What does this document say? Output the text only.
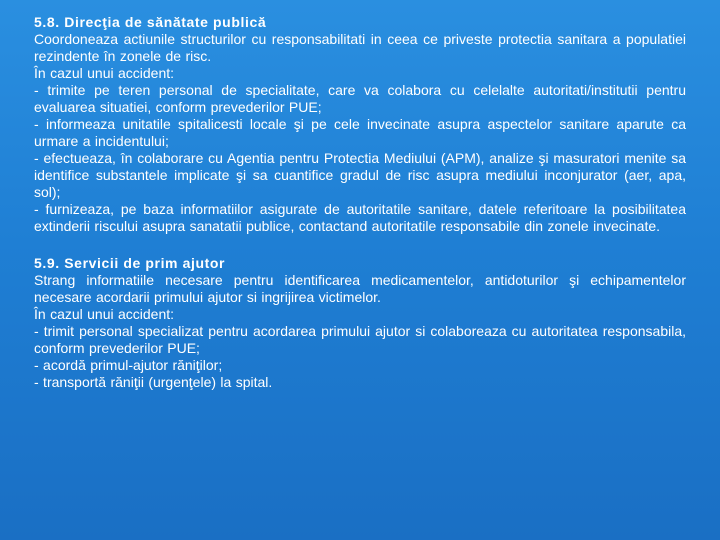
5.8. Direcţia de sănătate publică

Coordoneaza actiunile structurilor cu responsabilitati in ceea ce priveste protectia sanitara a populatiei rezindente în zonele de risc.

În cazul unui accident:

- trimite pe teren personal de specialitate, care va colabora cu celelalte autoritati/institutii pentru evaluarea situatiei, conform prevederilor PUE;

- informeaza unitatile spitalicesti locale şi pe cele invecinate asupra aspectelor sanitare aparute ca urmare a incidentului;

- efectueaza, în colaborare cu Agentia pentru Protectia Mediului (APM), analize şi masuratori menite sa identifice substantele implicate şi sa cuantifice gradul de risc asupra mediului inconjurator (aer, apa, sol);

- furnizeaza, pe baza informatiilor asigurate de autoritatile sanitare, datele referitoare la posibilitatea extinderii riscului asupra sanatatii publice, contactand autoritatile responsabile din zonele invecinate.

5.9. Servicii de prim ajutor

Strang informatiile necesare pentru identificarea medicamentelor, antidoturilor şi echipamentelor necesare acordarii primului ajutor si ingrijirea victimelor.

În cazul unui accident:

- trimit personal specializat pentru acordarea primului ajutor si colaboreaza cu autoritatea responsabila, conform prevederilor PUE;

- acordă primul-ajutor răniţilor;

- transportă răniţii (urgenţele) la spital.
